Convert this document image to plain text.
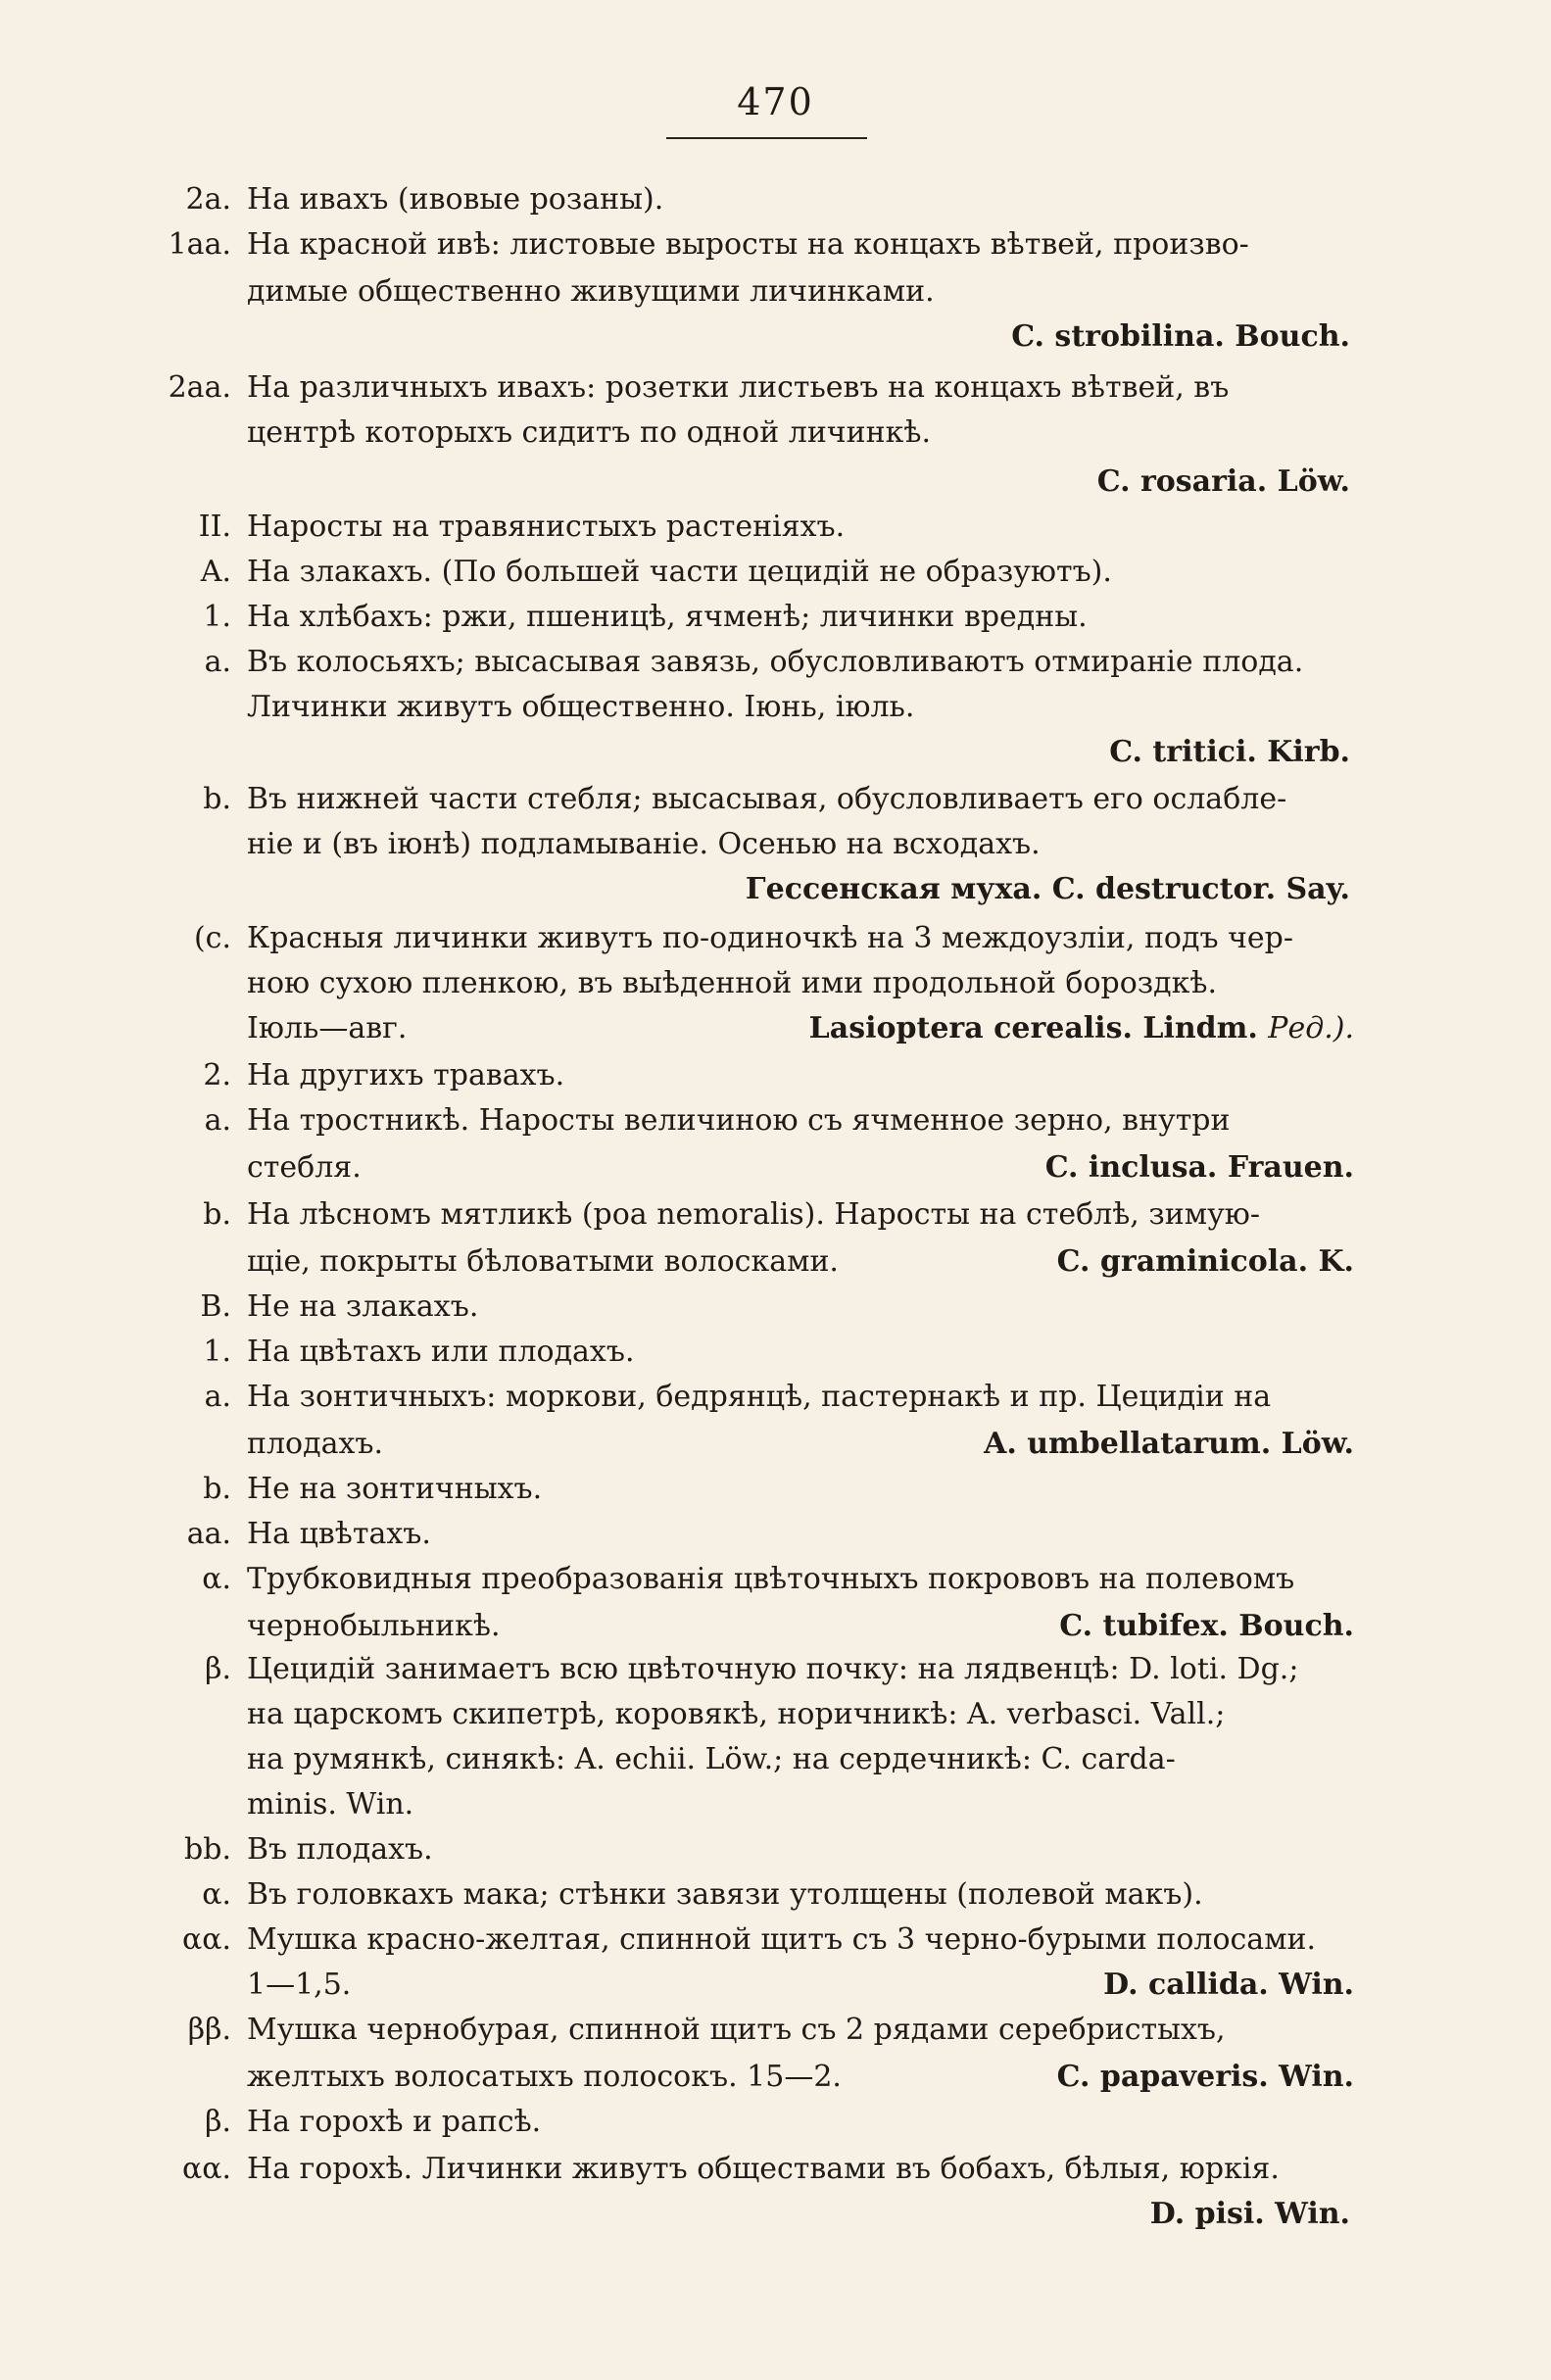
470
2а. На ивахъ (ивовые розаны).
1аа. На красной ивѣ: листовые выросты на концахъ вѣтвей, произво-
димые общественно живущими личинками.
C. strobilina. Bouch.
2аа. На различныхъ ивахъ: розетки листьевъ на концахъ вѣтвей, въ
центрѣ которыхъ сидитъ по одной личинкѣ.
C. rosaria. Löw.
II. Наросты на травянистыхъ растеніяхъ.
A. На злакахъ. (По большей части цецидій не образуютъ).
1. На хлѣбахъ: ржи, пшеницѣ, ячменѣ; личинки вредны.
a. Въ колосьяхъ; высасывая завязь, обусловливаютъ отмираніе плода.
Личинки живутъ общественно. Іюнь, іюль.
C. tritici. Kirb.
b. Въ нижней части стебля; высасывая, обусловливаетъ его ослабле-
ніе и (въ іюнѣ) подламываніе. Осенью на всходахъ.
Гессенская муха. C. destructor. Say.
(c. Красныя личинки живутъ по-одиночкѣ на 3 междоузліи, подъ чер-
ною сухою пленкою, въ выѣденной ими продольной бороздкѣ.
Іюль—авг.	Lasioptera cerealis. Lindm. Ред.).
2. На другихъ травахъ.
a. На тростникѣ. Наросты величиною съ ячменное зерно, внутри
стебля.	C. inclusa. Frauen.
b. На лѣсномъ мятликѣ (poa nemoralis). Наросты на стеблѣ, зимую-
щіе, покрыты бѣловатыми волосками.	C. graminicola. K.
B. Не на злакахъ.
1. На цвѣтахъ или плодахъ.
a. На зонтичныхъ: моркови, бедрянцѣ, пастернакѣ и пр. Цецидіи на
плодахъ.	A. umbellatarum. Löw.
b. Не на зонтичныхъ.
aa. На цвѣтахъ.
α. Трубковидныя преобразованія цвѣточныхъ покрововъ на полевомъ
чернобыльникѣ.	C. tubifex. Bouch.
β. Цецидій занимаетъ всю цвѣточную почку: на лядвенцѣ: D. loti. Dg.;
на царскомъ скипетрѣ, коровякѣ, норичникѣ: A. verbasci. Vall.;
на румянкѣ, синякѣ: A. echii. Löw.; на сердечникѣ: C. carda-
minis. Win.
bb. Въ плодахъ.
α. Въ головкахъ мака; стѣнки завязи утолщены (полевой макъ).
αα. Мушка красно-желтая, спинной щитъ съ 3 черно-бурыми полосами.
1—1,5.	D. callida. Win.
ββ. Мушка чернобурая, спинной щитъ съ 2 рядами серебристыхъ,
желтыхъ волосатыхъ полосокъ. 15—2.	C. papaveris. Win.
β. На горохѣ и рапсѣ.
αα. На горохѣ. Личинки живутъ обществами въ бобахъ, бѣлыя, юркія.
D. pisi. Win.
